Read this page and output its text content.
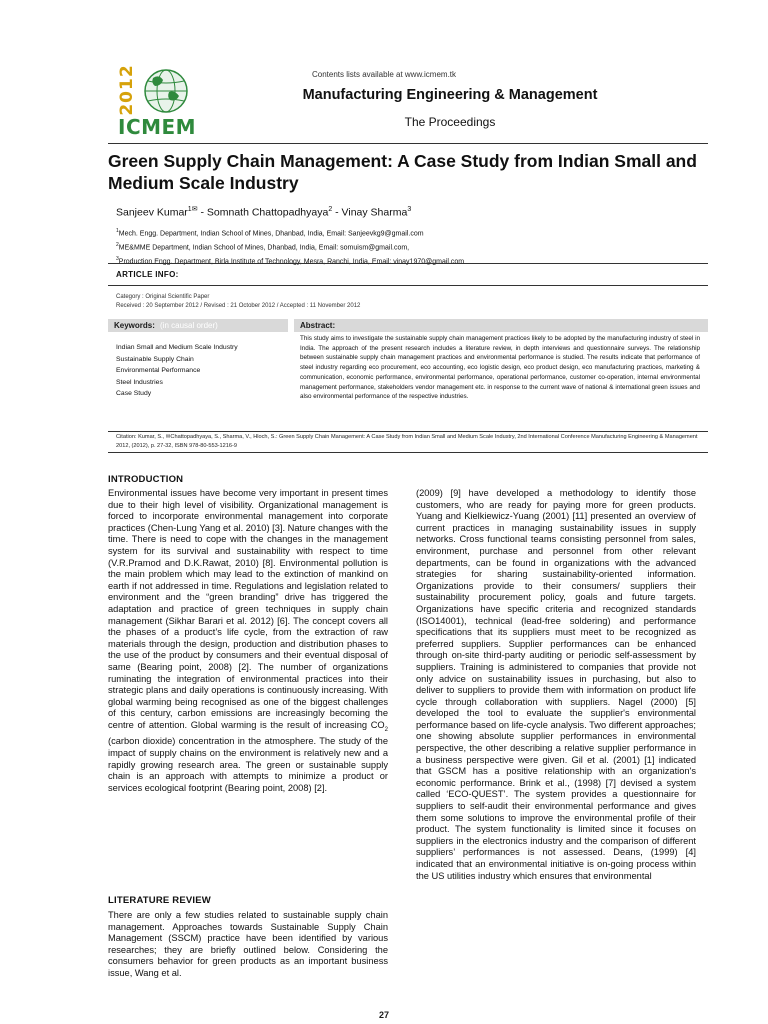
2012
ICMEM
Contents lists available at www.icmem.tk
Manufacturing Engineering & Management
The Proceedings
Green Supply Chain Management: A Case Study from Indian Small and Medium Scale Industry
Sanjeev Kumar$^{1✉}$ - Somnath Chattopadhyaya$^2$ - Vinay Sharma$^3$
$^1$Mech. Engg. Department, Indian School of Mines, Dhanbad, India, Email: Sanjeevkg9@gmail.com
$^2$ME&MME Department, Indian School of Mines, Dhanbad, India, Email: somuism@gmail.com,
$^3$Production Engg. Department, Birla Institute of Technology, Mesra, Ranchi, India, Email: vinay1970@gmail.com
ARTICLE INFO:
Category : Original Scientific Paper
Received : 20 September 2012 / Revised : 21 October 2012 / Accepted : 11 November 2012
Keywords: (in causal order)	Abstract:
Indian Small and Medium Scale Industry
Sustainable Supply Chain
Environmental Performance
Steel Industries
Case Study
This study aims to investigate the sustainable supply chain management practices likely to be adopted by the manufacturing industry of steel in India. The approach of the present research includes a literature review, in depth interviews and questionnaire surveys. The relationship between sustainable supply chain management practices and environmental performance is studied. The results indicate that performance of steel industry regarding eco procurement, eco accounting, eco logistic design, eco product design, eco manufacturing practices, marketing & communication, economic performance, environmental performance, operational performance, customer co-operation, internal environmental management performance, stakeholders vendor management etc. in response to the current wave of national & international green issues and also environmental performance of the respective industries.
Citation: Kumar, S., ✉Chattopadhyaya, S., Sharma, V., Hloch, S.: Green Supply Chain Management: A Case Study from Indian Small and Medium Scale Industry, 2nd International Conference Manufacturing Engineering & Management 2012, (2012), p. 27-32, ISBN 978-80-553-1216-9
INTRODUCTION
Environmental issues have become very important in present times due to their high level of visibility. Organizational management is forced to incorporate environmental management into corporate practices (Chen-Lung Yang et al. 2010) [3]. Nature changes with the time. There is need to cope with the changes in the management system for its survival and sustainability with respect to time (V.R.Pramod and D.K.Rawat, 2010) [8]. Environmental pollution is the main problem which may lead to the extinction of mankind on earth if not addressed in time. Regulations and legislation related to environment and the “green branding” drive has triggered the adaptation and practice of green techniques in supply chain management (Sikhar Barari et al. 2012) [6]. The concept covers all the phases of a product’s life cycle, from the extraction of raw materials through the design, production and distribution phases to the use of the product by consumers and their eventual disposal of same (Bearing point, 2008) [2]. The number of organizations ruminating the integration of environmental practices into their strategic plans and daily operations is continuously increasing. With global warming being recognised as one of the biggest challenges of this century, carbon emissions are increasingly becoming the centre of attention. Global warming is the result of increasing $CO_2$ (carbon dioxide) concentration in the atmosphere. The study of the impact of supply chains on the environment is relatively new and a rapidly growing research area. The green or sustainable supply chain is an approach with attempts to minimize a product or services ecological footprint (Bearing point, 2008) [2].
LITERATURE REVIEW
There are only a few studies related to sustainable supply chain management. Approaches towards Sustainable Supply Chain Management (SSCM) practice have been identified by various researches; they are briefly outlined below. Considering the consumers behavior for green products as an important business issue, Wang et al.
(2009) [9] have developed a methodology to identify those customers, who are ready for paying more for green products. Yuang and Kielkiewicz-Yuang (2001) [11] presented an overview of current practices in managing sustainability issues in supply networks. Cross functional teams consisting personnel from sales, environment, purchase and personnel from other relevant departments, can be found in organizations with the advanced strategies for sharing sustainability-oriented information. Organizations provide to their consumers/ suppliers their sustainability procurement policy, goals and future targets. Organizations have specific criteria and recognized standards (ISO14001), technical (lead-free soldering) and performance specifications that its suppliers must meet to be recognized as preferred suppliers. Supplier performances can be enhanced through on-site third-party auditing or periodic self-assessment by suppliers. Training is administered to companies that provide not only advice on sustainability issues in purchasing, but also to deliver to suppliers to provide them with information on product life cycle through collaboration with suppliers. Nagel (2000) [5] developed the tool to evaluate the supplier's environmental performance based on life-cycle analysis. Two different approaches; one showing absolute supplier performances in environmental perspective, the other describing a relative supplier performance in a business perspective were given. Gil et al. (2001) [1] indicated that GSCM has a positive relationship with an organization's economic performance. Brink et al., (1998) [7] devised a system called ‘ECO-QUEST’. The system provides a questionnaire for suppliers to self-audit their environmental performance and gives them some solutions to improve the environmental profile of their product. The system functionality is limited since it focuses on suppliers in the electronics industry and the comparison of different suppliers’ performances is not assessed. Deans, (1999) [4] indicated that an environmental initiative is on-going process within the US utilities industry which ensures that environmental
27
